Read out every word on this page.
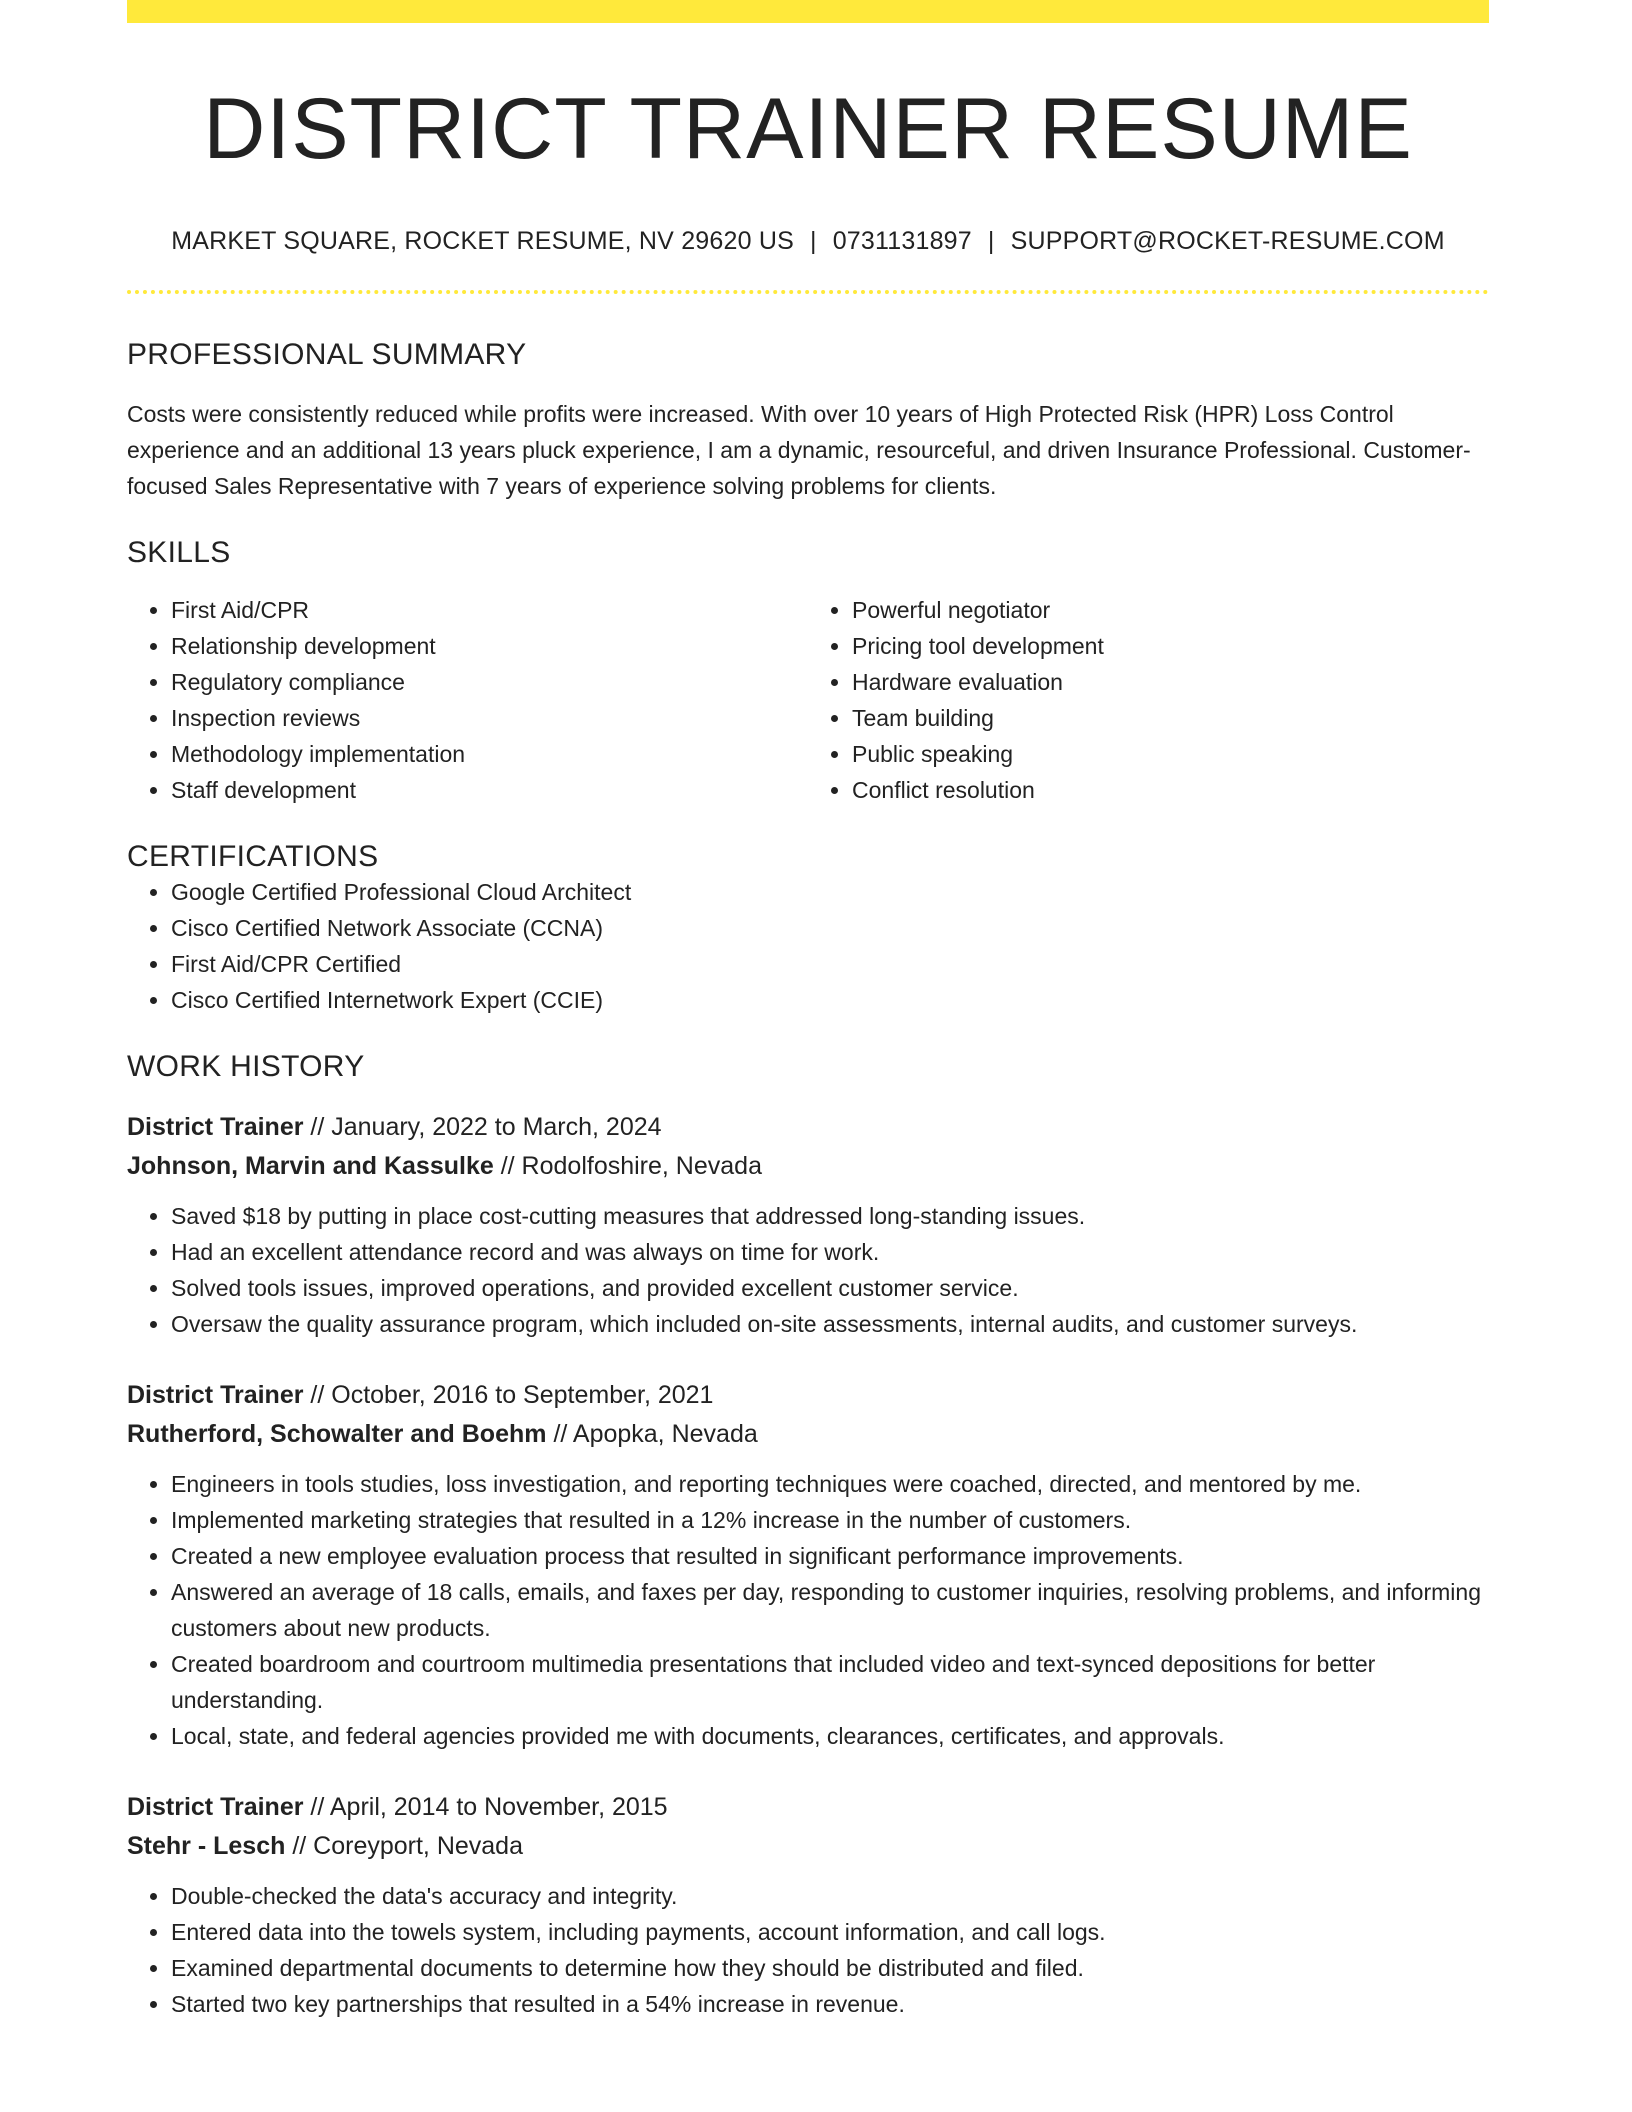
DISTRICT TRAINER RESUME
MARKET SQUARE, ROCKET RESUME, NV 29620 US | 0731131897 | SUPPORT@ROCKET-RESUME.COM
PROFESSIONAL SUMMARY
Costs were consistently reduced while profits were increased. With over 10 years of High Protected Risk (HPR) Loss Control experience and an additional 13 years pluck experience, I am a dynamic, resourceful, and driven Insurance Professional. Customer-focused Sales Representative with 7 years of experience solving problems for clients.
SKILLS
• First Aid/CPR
• Relationship development
• Regulatory compliance
• Inspection reviews
• Methodology implementation
• Staff development
• Powerful negotiator
• Pricing tool development
• Hardware evaluation
• Team building
• Public speaking
• Conflict resolution
CERTIFICATIONS
• Google Certified Professional Cloud Architect
• Cisco Certified Network Associate (CCNA)
• First Aid/CPR Certified
• Cisco Certified Internetwork Expert (CCIE)
WORK HISTORY
District Trainer // January, 2022 to March, 2024
Johnson, Marvin and Kassulke // Rodolfoshire, Nevada
• Saved $18 by putting in place cost-cutting measures that addressed long-standing issues.
• Had an excellent attendance record and was always on time for work.
• Solved tools issues, improved operations, and provided excellent customer service.
• Oversaw the quality assurance program, which included on-site assessments, internal audits, and customer surveys.
District Trainer // October, 2016 to September, 2021
Rutherford, Schowalter and Boehm // Apopka, Nevada
• Engineers in tools studies, loss investigation, and reporting techniques were coached, directed, and mentored by me.
• Implemented marketing strategies that resulted in a 12% increase in the number of customers.
• Created a new employee evaluation process that resulted in significant performance improvements.
• Answered an average of 18 calls, emails, and faxes per day, responding to customer inquiries, resolving problems, and informing customers about new products.
• Created boardroom and courtroom multimedia presentations that included video and text-synced depositions for better understanding.
• Local, state, and federal agencies provided me with documents, clearances, certificates, and approvals.
District Trainer // April, 2014 to November, 2015
Stehr - Lesch // Coreyport, Nevada
• Double-checked the data's accuracy and integrity.
• Entered data into the towels system, including payments, account information, and call logs.
• Examined departmental documents to determine how they should be distributed and filed.
• Started two key partnerships that resulted in a 54% increase in revenue.
